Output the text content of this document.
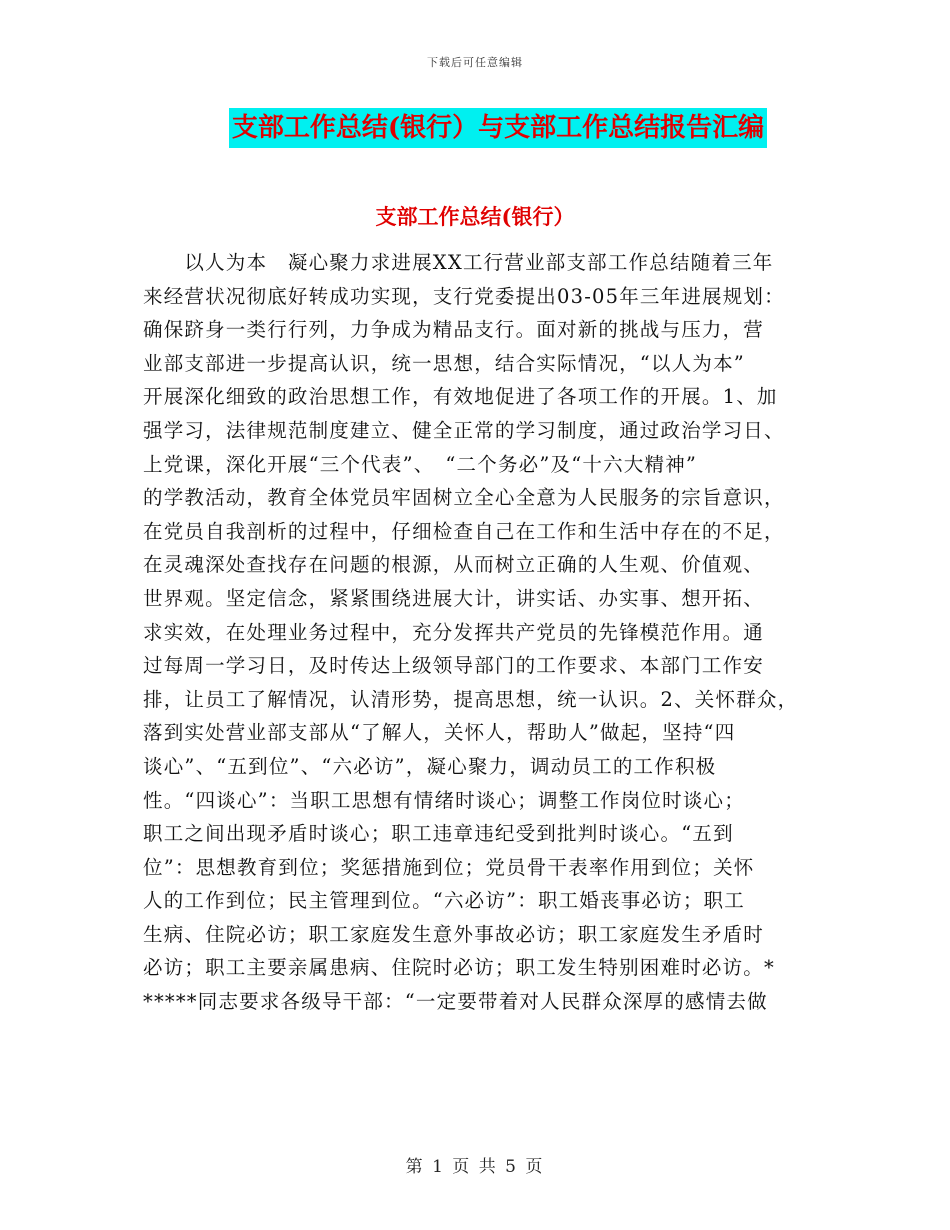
下载后可任意编辑
支部工作总结(银行）与支部工作总结报告汇编
支部工作总结(银行）
　　以人为本　凝心聚力求进展XX工行营业部支部工作总结随着三年
来经营状况彻底好转成功实现，支行党委提出03-05年三年进展规划：
确保跻身一类行行列，力争成为精品支行。面对新的挑战与压力，营
业部支部进一步提高认识，统一思想，结合实际情况，“以人为本”
开展深化细致的政治思想工作，有效地促进了各项工作的开展。1、加
强学习，法律规范制度建立、健全正常的学习制度，通过政治学习日、
上党课，深化开展“三个代表”、　“二个务必”及“十六大精神”
的学教活动，教育全体党员牢固树立全心全意为人民服务的宗旨意识，
在党员自我剖析的过程中，仔细检查自己在工作和生活中存在的不足，
在灵魂深处查找存在问题的根源，从而树立正确的人生观、价值观、
世界观。坚定信念，紧紧围绕进展大计，讲实话、办实事、想开拓、
求实效，在处理业务过程中，充分发挥共产党员的先锋模范作用。通
过每周一学习日，及时传达上级领导部门的工作要求、本部门工作安
排，让员工了解情况，认清形势，提高思想，统一认识。2、关怀群众，
落到实处营业部支部从“了解人，关怀人，帮助人”做起，坚持“四
谈心”、“五到位”、“六必访”，凝心聚力，调动员工的工作积极
性。“四谈心”：当职工思想有情绪时谈心；调整工作岗位时谈心；
职工之间出现矛盾时谈心；职工违章违纪受到批判时谈心。“五到
位”：思想教育到位；奖惩措施到位；党员骨干表率作用到位；关怀
人的工作到位；民主管理到位。“六必访”：职工婚丧事必访；职工
生病、住院必访；职工家庭发生意外事故必访；职工家庭发生矛盾时
必访；职工主要亲属患病、住院时必访；职工发生特别困难时必访。*
*****同志要求各级导干部：“一定要带着对人民群众深厚的感情去做
第 1 页 共 5 页
